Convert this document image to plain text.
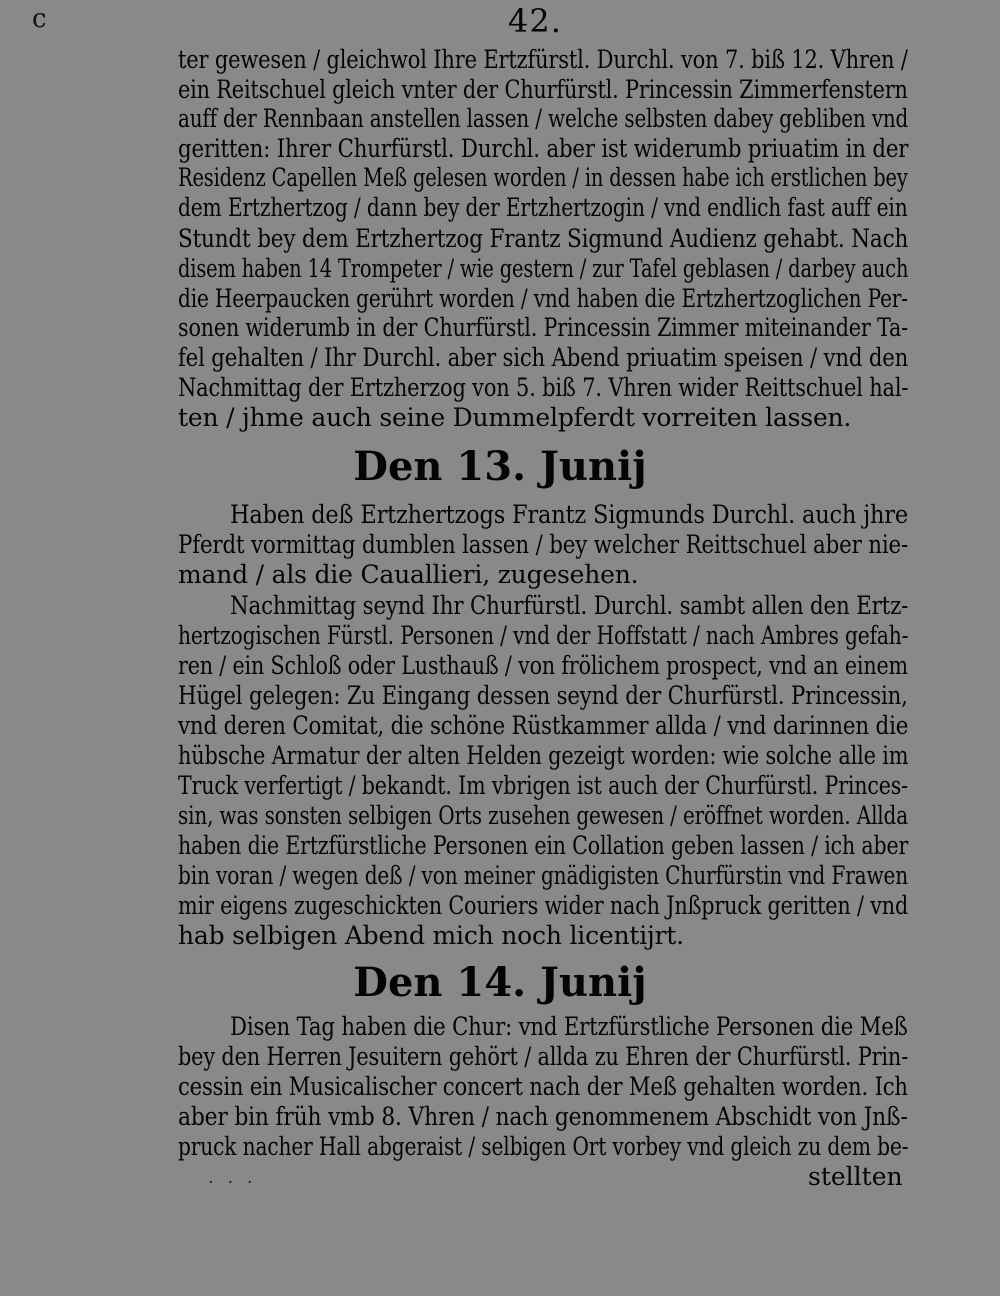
c	42.
ter gewesen / gleichwol Ihre Ertzfürstl. Durchl. von 7. biß 12. Vhren /
ein Reitschuel gleich vnter der Churfürstl. Princessin Zimmerfenstern
auff der Rennbaan anstellen lassen / welche selbsten dabey gebliben vnd
geritten: Ihrer Churfürstl. Durchl. aber ist widerumb priuatim in der
Residenz Capellen Meß gelesen worden / in dessen habe ich erstlichen bey
dem Ertzhertzog / dann bey der Ertzhertzogin / vnd endlich fast auff ein
Stundt bey dem Ertzhertzog Frantz Sigmund Audienz gehabt. Nach
disem haben 14 Trompeter / wie gestern / zur Tafel geblasen / darbey auch
die Heerpaucken gerührt worden / vnd haben die Ertzhertzoglichen Per-
sonen widerumb in der Churfürstl. Princessin Zimmer miteinander Ta-
fel gehalten / Ihr Durchl. aber sich Abend priuatim speisen / vnd den
Nachmittag der Ertzherzog von 5. biß 7. Vhren wider Reittschuel hal-
ten / jhme auch seine Dummelpferdt vorreiten lassen.
Den 13. Junij
Haben deß Ertzhertzogs Frantz Sigmunds Durchl. auch jhre
Pferdt vormittag dumblen lassen / bey welcher Reittschuel aber nie-
mand / als die Cauallieri, zugesehen.
Nachmittag seynd Ihr Churfürstl. Durchl. sambt allen den Ertz-
hertzogischen Fürstl. Personen / vnd der Hoffstatt / nach Ambres gefah-
ren / ein Schloß oder Lusthauß / von frölichem prospect, vnd an einem
Hügel gelegen: Zu Eingang dessen seynd der Churfürstl. Princessin,
vnd deren Comitat, die schöne Rüstkammer allda / vnd darinnen die
hübsche Armatur der alten Helden gezeigt worden: wie solche alle im
Truck verfertigt / bekandt. Im vbrigen ist auch der Churfürstl. Princes-
sin, was sonsten selbigen Orts zusehen gewesen / eröffnet worden. Allda
haben die Ertzfürstliche Personen ein Collation geben lassen / ich aber
bin voran / wegen deß / von meiner gnädigisten Churfürstin vnd Frawen
mir eigens zugeschickten Couriers wider nach Jnßpruck geritten / vnd
hab selbigen Abend mich noch licentijrt.
Den 14. Junij
Disen Tag haben die Chur: vnd Ertzfürstliche Personen die Meß
bey den Herren Jesuitern gehört / allda zu Ehren der Churfürstl. Prin-
cessin ein Musicalischer concert nach der Meß gehalten worden. Ich
aber bin früh vmb 8. Vhren / nach genommenem Abschidt von Jnß-
pruck nacher Hall abgeraist / selbigen Ort vorbey vnd gleich zu dem be-
· · ·	stellten
